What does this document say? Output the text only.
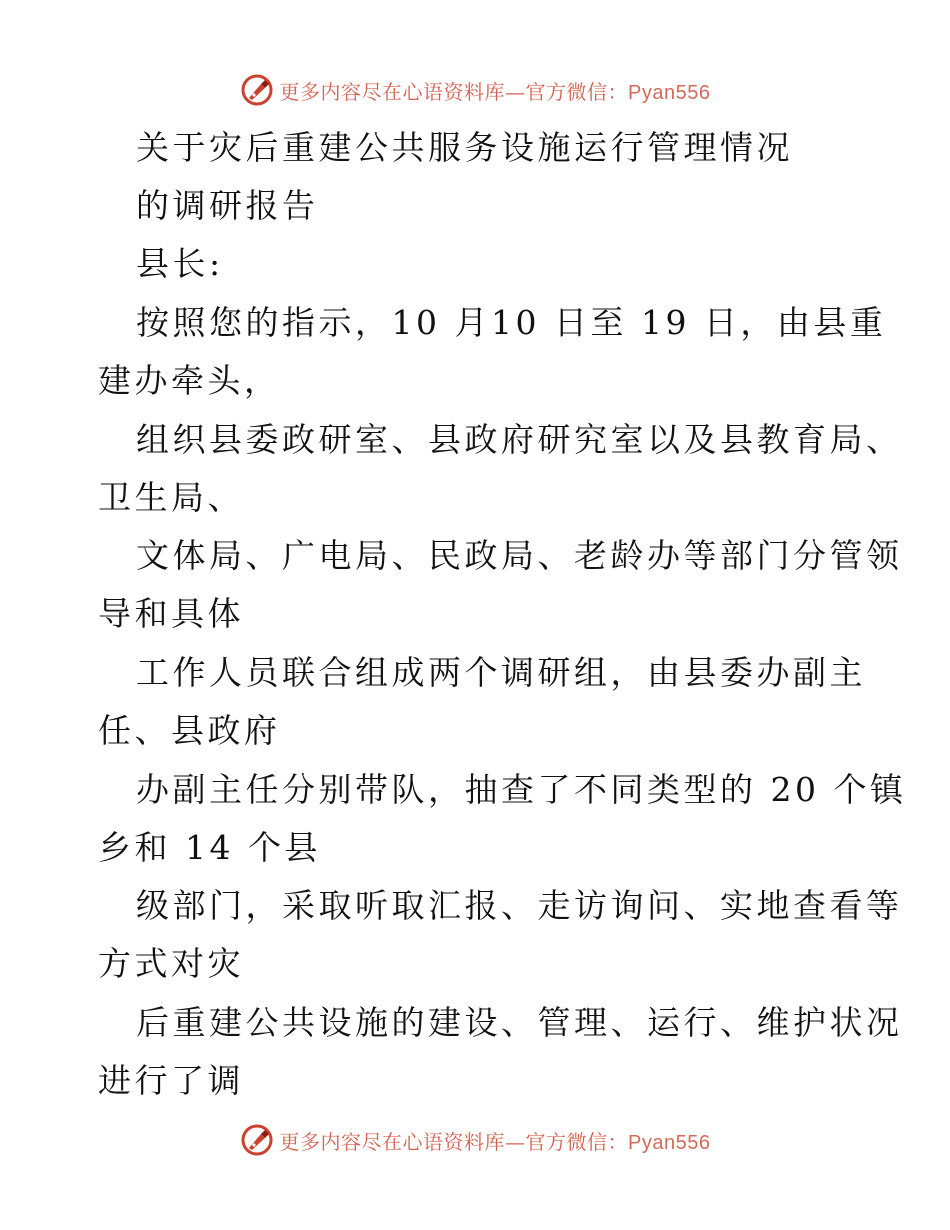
更多内容尽在心语资料库—官方微信：Pyan556
关于灾后重建公共服务设施运行管理情况
的调研报告
县长:
按照您的指示，10 月10 日至 19 日，由县重
建办牵头，
组织县委政研室、县政府研究室以及县教育局、
卫生局、
文体局、广电局、民政局、老龄办等部门分管领
导和具体
工作人员联合组成两个调研组，由县委办副主
任、县政府
办副主任分别带队，抽查了不同类型的 20 个镇
乡和 14 个县
级部门，采取听取汇报、走访询问、实地查看等
方式对灾
后重建公共设施的建设、管理、运行、维护状况
进行了调
更多内容尽在心语资料库—官方微信：Pyan556
